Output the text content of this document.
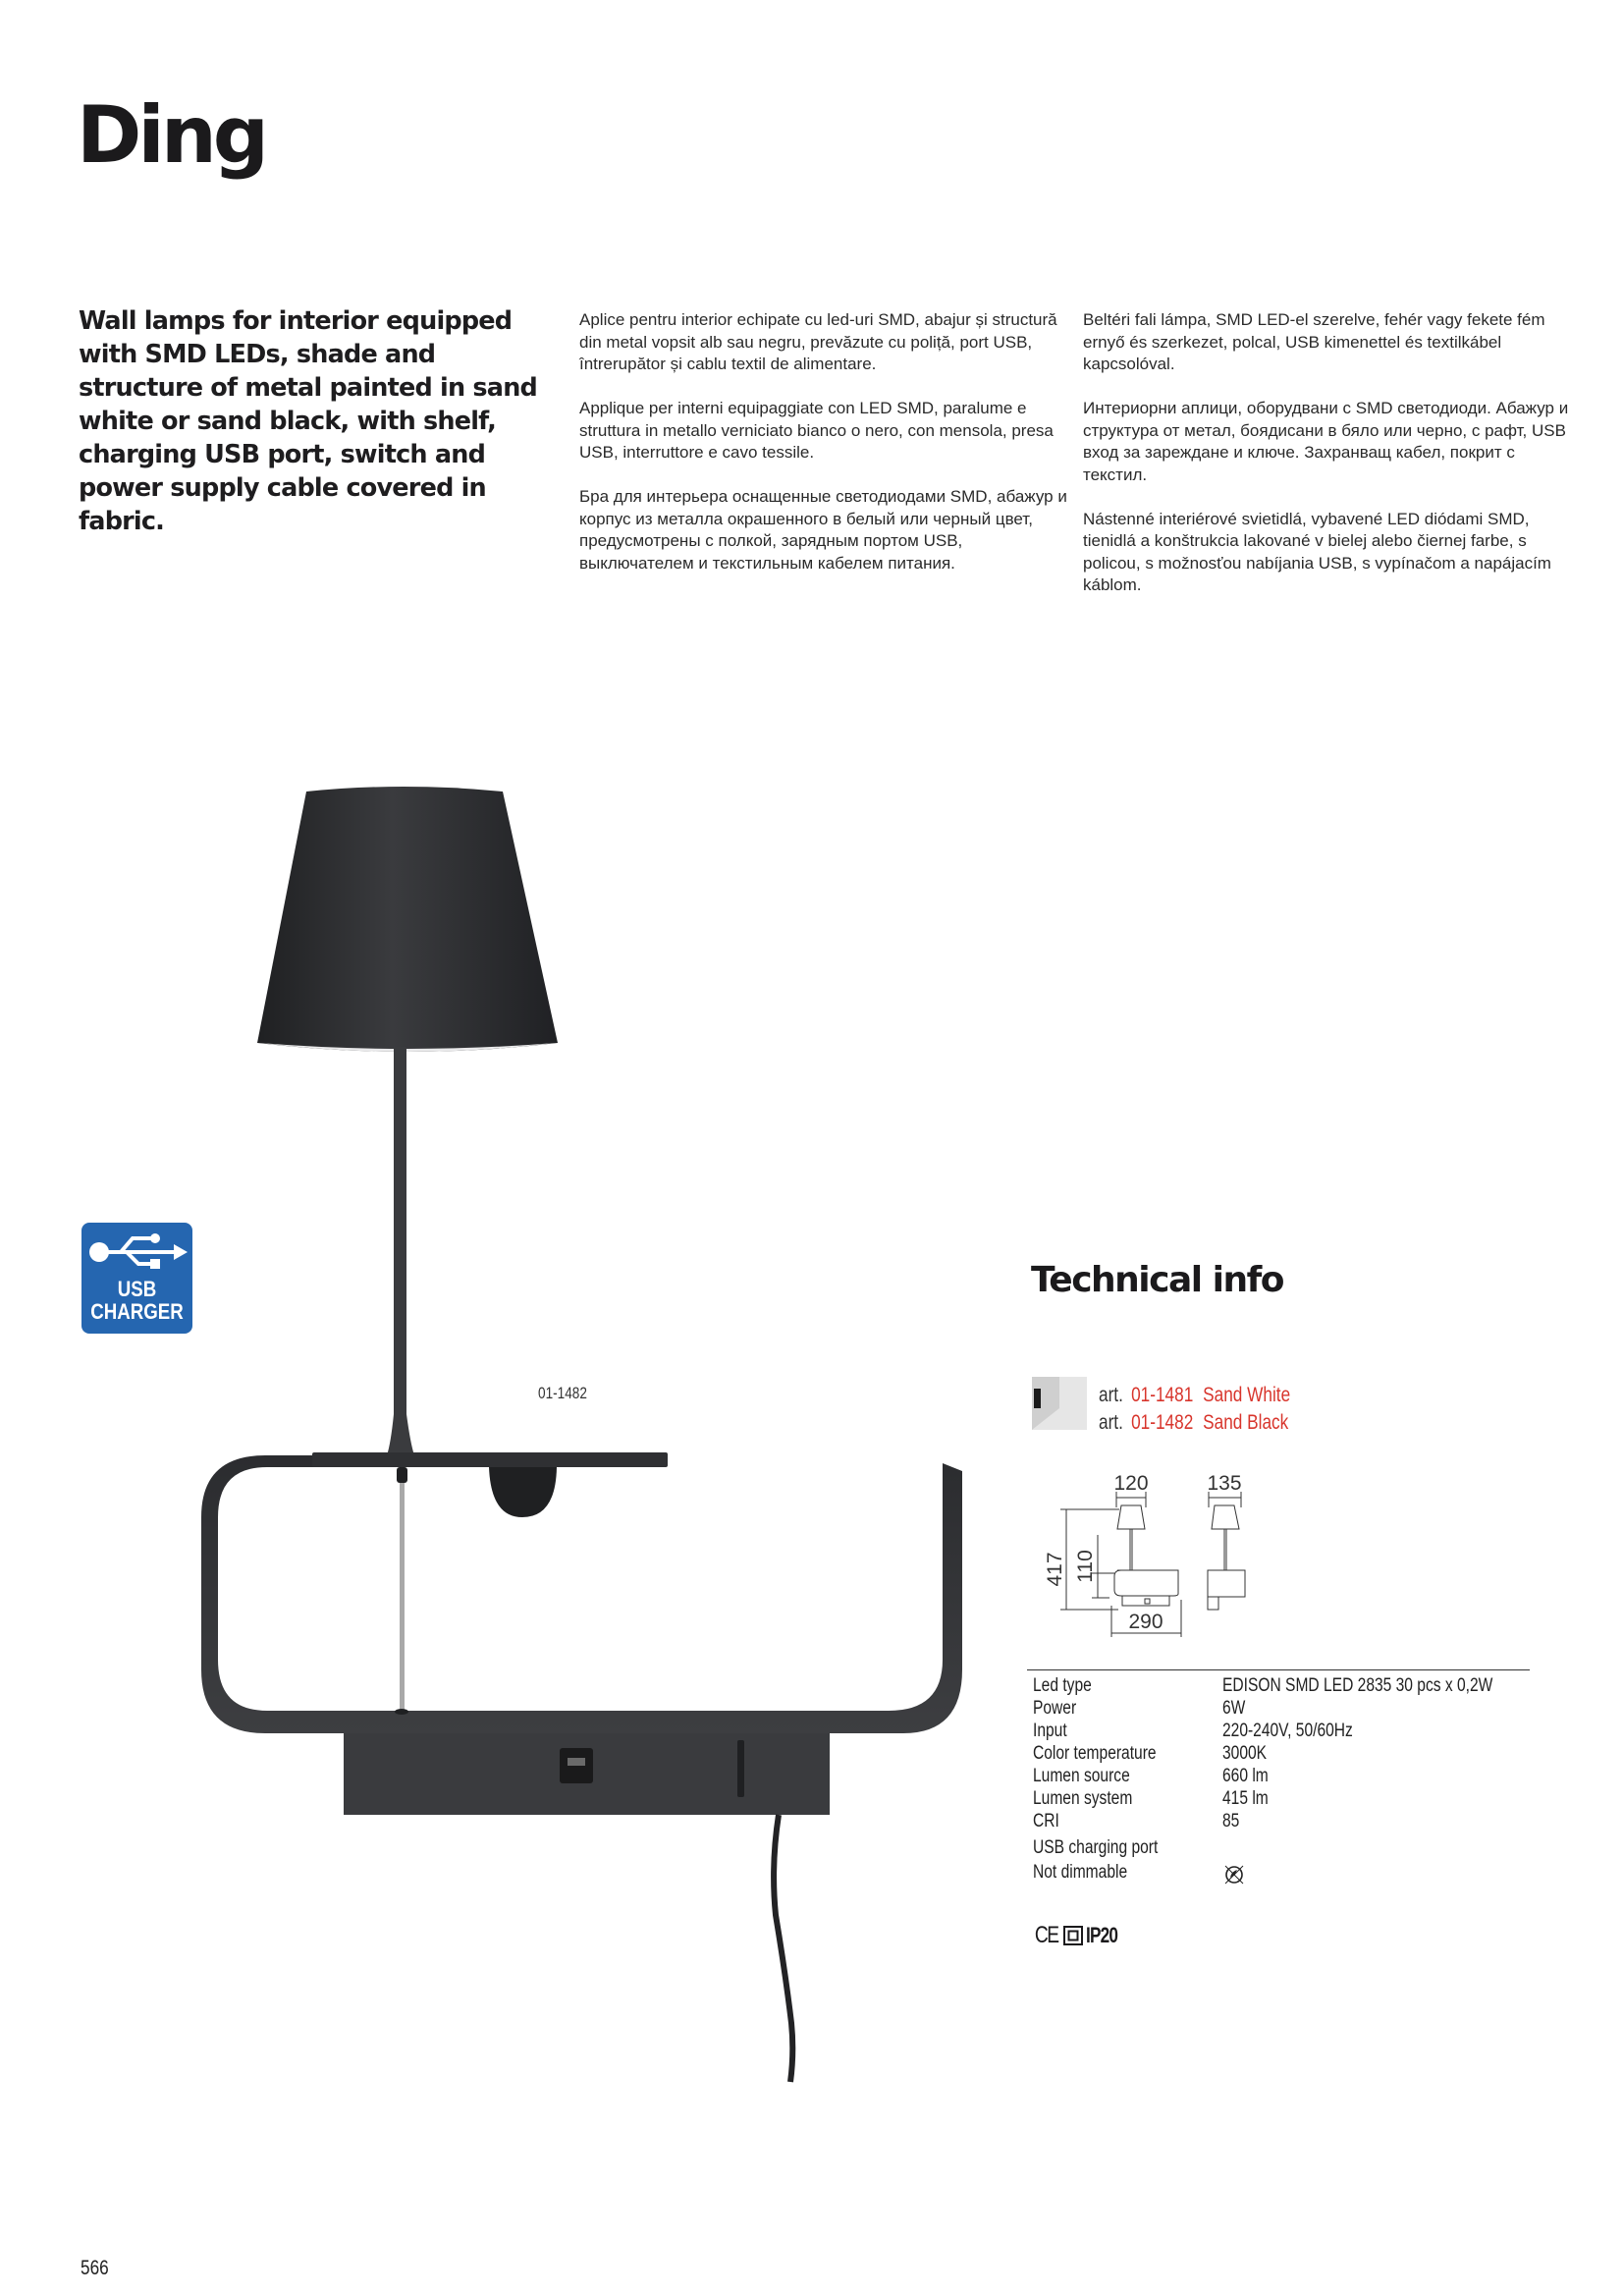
Ding
Wall lamps for interior equipped with SMD LEDs, shade and structure of metal painted in sand white or sand black, with shelf, charging USB port, switch and power supply cable covered in fabric.

Aplice pentru interior echipate cu led-uri SMD, abajur și structură din metal vopsit alb sau negru, prevăzute cu poliță, port USB, întrerupător și cablu textil de alimentare.

Applique per interni equipaggiate con LED SMD, paralume e struttura in metallo verniciato bianco o nero, con mensola, presa USB, interruttore e cavo tessile.

Бра для интерьера оснащенные светодиодами SMD, абажур и корпус из металла окрашенного в белый или черный цвет, предусмотрены с полкой, зарядным портом USB, выключателем и текстильным кабелем питания.

Beltéri fali lámpa, SMD LED-el szerelve, fehér vagy fekete fém ernyő és szerkezet, polcal, USB kimenettel és textilkábel kapcsolóval.

Интериорни аплици, оборудвани с SMD светодиоди. Абажур и структура от метал, боядисани в бяло или черно, с рафт, USB вход за зареждане и ключе. Захранващ кабел, покрит с текстил.

Nástenné interiérové svietidlá, vybavené LED diódami SMD, tienidlá a konštrukcia lakované v bielej alebo čiernej farbe, s policou, s možnosťou nabíjania USB, s vypínačom a napájacím káblom.

01-1482
USB
CHARGER
Technical info
art. 01-1481 Sand White
art. 01-1482 Sand Black
120	135
417 110
290
Led type	EDISON SMD LED 2835 30 pcs x 0,2W
Power	6W
Input	220-240V, 50/60Hz
Color temperature	3000K
Lumen source	660 lm
Lumen system	415 lm
CRI	85
USB charging port
Not dimmable
CE IP20
566
